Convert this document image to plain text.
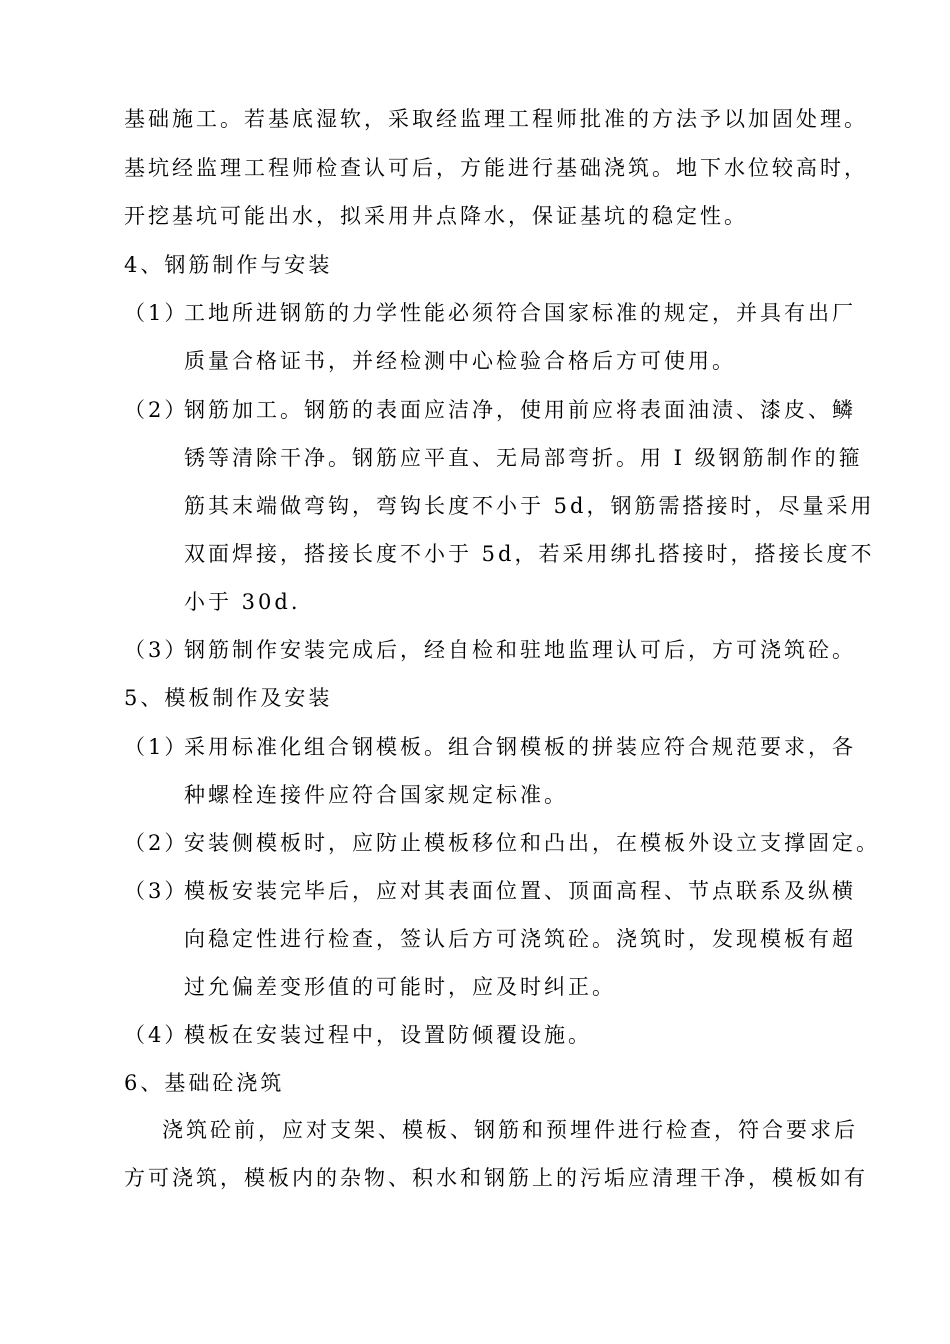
基础施工。若基底湿软，采取经监理工程师批准的方法予以加固处理。
基坑经监理工程师检查认可后，方能进行基础浇筑。地下水位较高时，
开挖基坑可能出水，拟采用井点降水，保证基坑的稳定性。
4、钢筋制作与安装
（1）
工地所进钢筋的力学性能必须符合国家标准的规定，并具有出厂
质量合格证书，并经检测中心检验合格后方可使用。
（2）
钢筋加工。钢筋的表面应洁净，使用前应将表面油渍、漆皮、鳞
锈等清除干净。钢筋应平直、无局部弯折。用 I 级钢筋制作的箍
筋其末端做弯钩，弯钩长度不小于 5d，钢筋需搭接时，尽量采用
双面焊接，搭接长度不小于 5d，若采用绑扎搭接时，搭接长度不
小于 30d.
（3）
钢筋制作安装完成后，经自检和驻地监理认可后，方可浇筑砼。
5、模板制作及安装
（1）
采用标准化组合钢模板。组合钢模板的拼装应符合规范要求，各
种螺栓连接件应符合国家规定标准。
（2）
安装侧模板时，应防止模板移位和凸出，在模板外设立支撑固定。
（3）
模板安装完毕后，应对其表面位置、顶面高程、节点联系及纵横
向稳定性进行检查，签认后方可浇筑砼。浇筑时，发现模板有超
过允偏差变形值的可能时，应及时纠正。
（4）
模板在安装过程中，设置防倾覆设施。
6、基础砼浇筑
浇筑砼前，应对支架、模板、钢筋和预埋件进行检查，符合要求后
方可浇筑，模板内的杂物、积水和钢筋上的污垢应清理干净，模板如有
